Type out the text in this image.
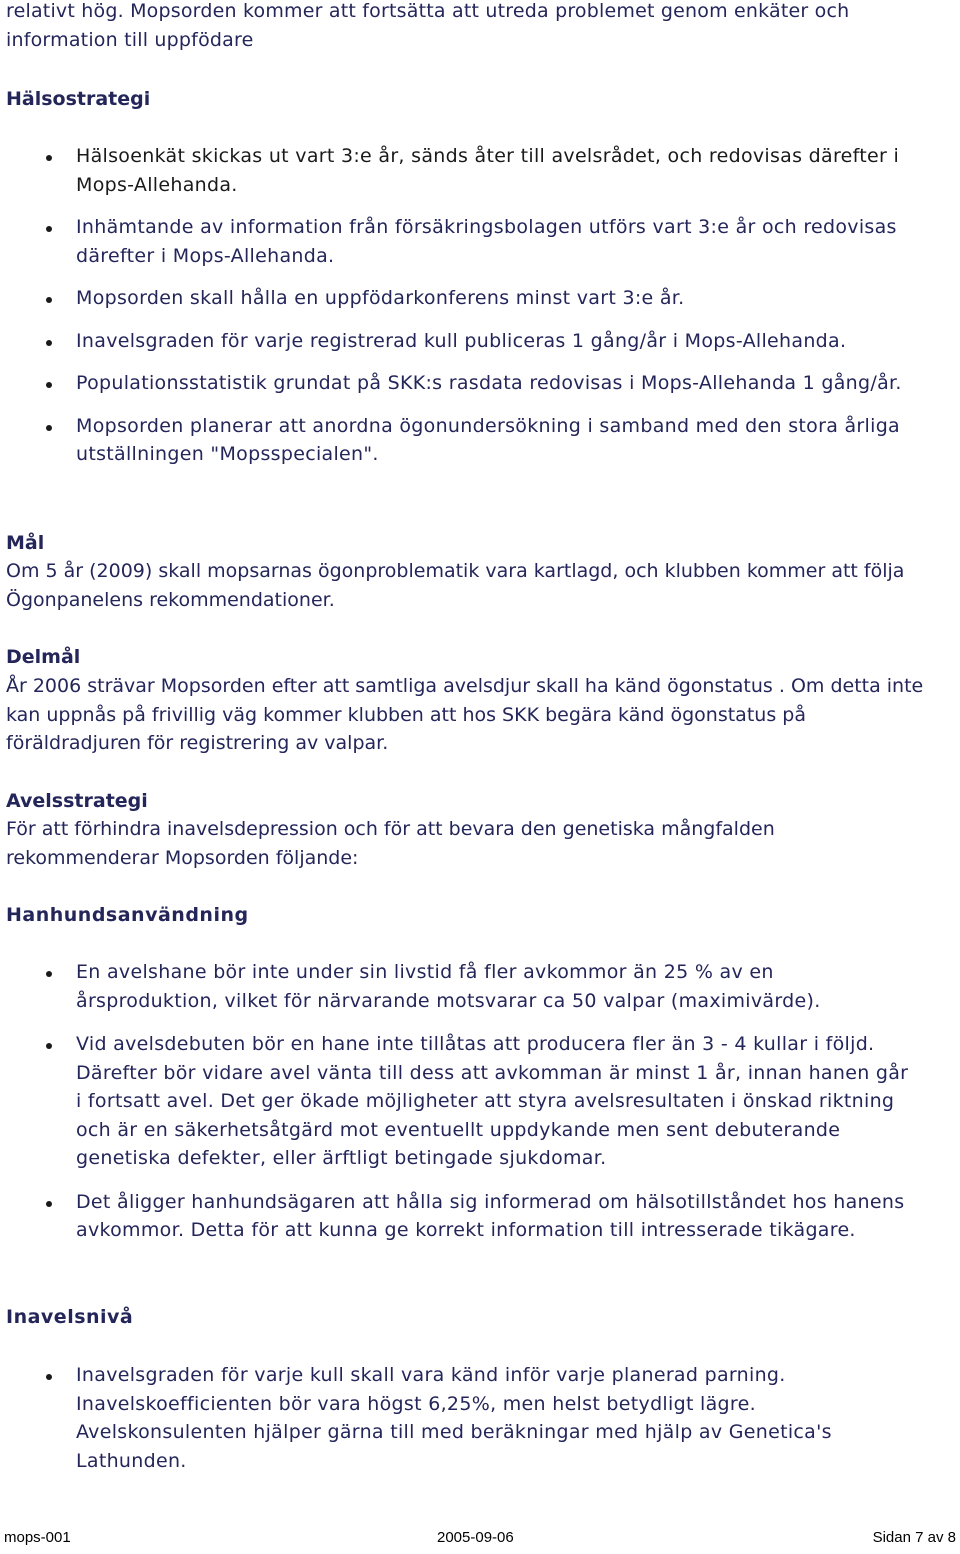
relativt hög. Mopsorden kommer att fortsätta att utreda problemet genom enkäter och information till uppfödare

Hälsostrategi
Hälsoenkät skickas ut vart 3:e år, sänds åter till avelsrådet, och redovisas därefter i Mops-Allehanda.
Inhämtande av information från försäkringsbolagen utförs vart 3:e år och redovisas därefter i Mops-Allehanda.
Mopsorden skall hålla en uppfödarkonferens minst vart 3:e år.
Inavelsgraden för varje registrerad kull publiceras 1 gång/år i Mops-Allehanda.
Populationsstatistik grundat på SKK:s rasdata redovisas i Mops-Allehanda 1 gång/år.
Mopsorden planerar att anordna ögonundersökning i samband med den stora årliga utställningen "Mopsspecialen".
Mål

Om 5 år (2009) skall mopsarnas ögonproblematik vara kartlagd, och klubben kommer att följa Ögonpanelens rekommendationer.

Delmål

År 2006 strävar Mopsorden efter att samtliga avelsdjur skall ha känd ögonstatus . Om detta inte kan uppnås på frivillig väg kommer klubben att hos SKK begära känd ögonstatus på föräldradjuren för registrering av valpar.

Avelsstrategi

För att förhindra inavelsdepression och för att bevara den genetiska mångfalden rekommenderar Mopsorden följande:

Hanhundsanvändning
En avelshane bör inte under sin livstid få fler avkommor än 25 % av en årsproduktion, vilket för närvarande motsvarar ca 50 valpar (maximivärde).
Vid avelsdebuten bör en hane inte tillåtas att producera fler än 3 - 4 kullar i följd. Därefter bör vidare avel vänta till dess att avkomman är minst 1 år, innan hanen går i fortsatt avel. Det ger ökade möjligheter att styra avelsresultaten i önskad riktning och är en säkerhetsåtgärd mot eventuellt uppdykande men sent debuterande genetiska defekter, eller ärftligt betingade sjukdomar.
Det åligger hanhundsägaren att hålla sig informerad om hälsotillståndet hos hanens avkommor. Detta för att kunna ge korrekt information till intresserade tikägare.
Inavelsnivå
Inavelsgraden för varje kull skall vara känd inför varje planerad parning. Inavelskoefficienten bör vara högst 6,25%, men helst betydligt lägre. Avelskonsulenten hjälper gärna till med beräkningar med hjälp av Genetica's Lathunden.
mops-001	2005-09-06	Sidan 7 av 8
